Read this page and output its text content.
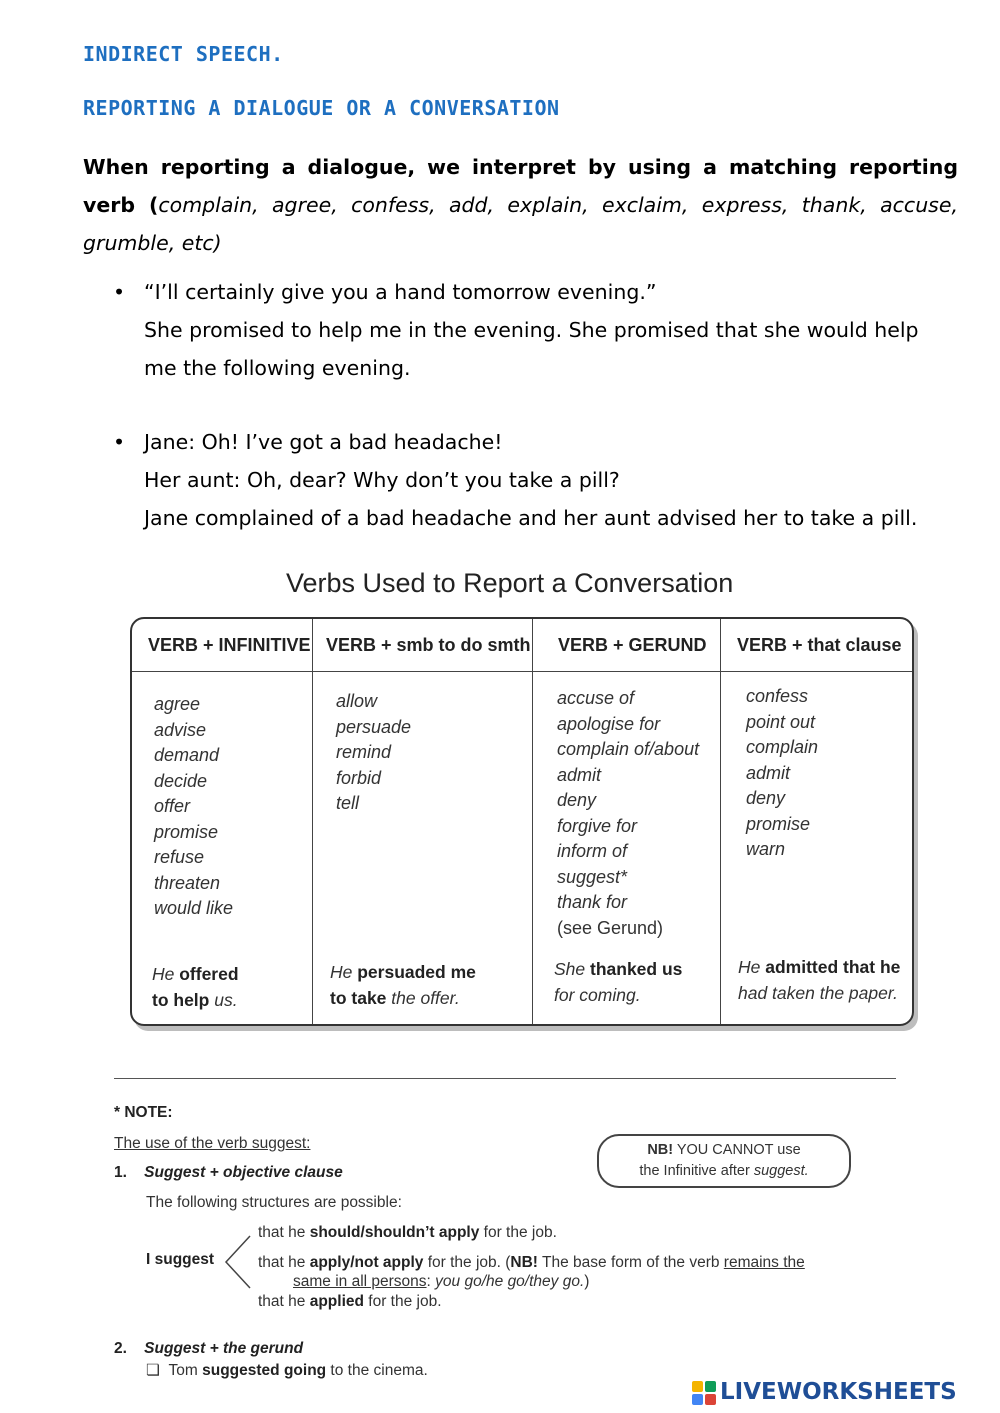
INDIRECT SPEECH.
REPORTING A DIALOGUE OR A CONVERSATION
When reporting a dialogue, we interpret by using a matching reporting verb (complain, agree, confess, add, explain, exclaim, express, thank, accuse, grumble, etc)
• “I’ll certainly give you a hand tomorrow evening.”
She promised to help me in the evening. She promised that she would help
me the following evening.
• Jane: Oh! I’ve got a bad headache!
Her aunt: Oh, dear? Why don’t you take a pill?
Jane complained of a bad headache and her aunt advised her to take a pill.
Verbs Used to Report a Conversation
VERB + INFINITIVE VERB + smb to do smth VERB + GERUND VERB + that clause
agree
advise
demand
decide
offer
promise
refuse
threaten
would like
allow
persuade
remind
forbid
tell
accuse of
apologise for
complain of/about
admit
deny
forgive for
inform of
suggest*
thank for
(see Gerund)
confess
point out
complain
admit
deny
promise
warn
He offered
to help us.
He persuaded me
to take the offer.
She thanked us
for coming.
He admitted that he
had taken the paper.
* NOTE:
The use of the verb suggest:
1. Suggest + objective clause
The following structures are possible:
that he should/shouldn’t apply for the job.
I suggest	that he apply/not apply for the job. (NB! The base form of the verb remains the
same in all persons: you go/he go/they go.)
that he applied for the job.
2. Suggest + the gerund
❏ Tom suggested going to the cinema.
NB! YOU CANNOT use
the Infinitive after suggest.
LIVEWORKSHEETS
